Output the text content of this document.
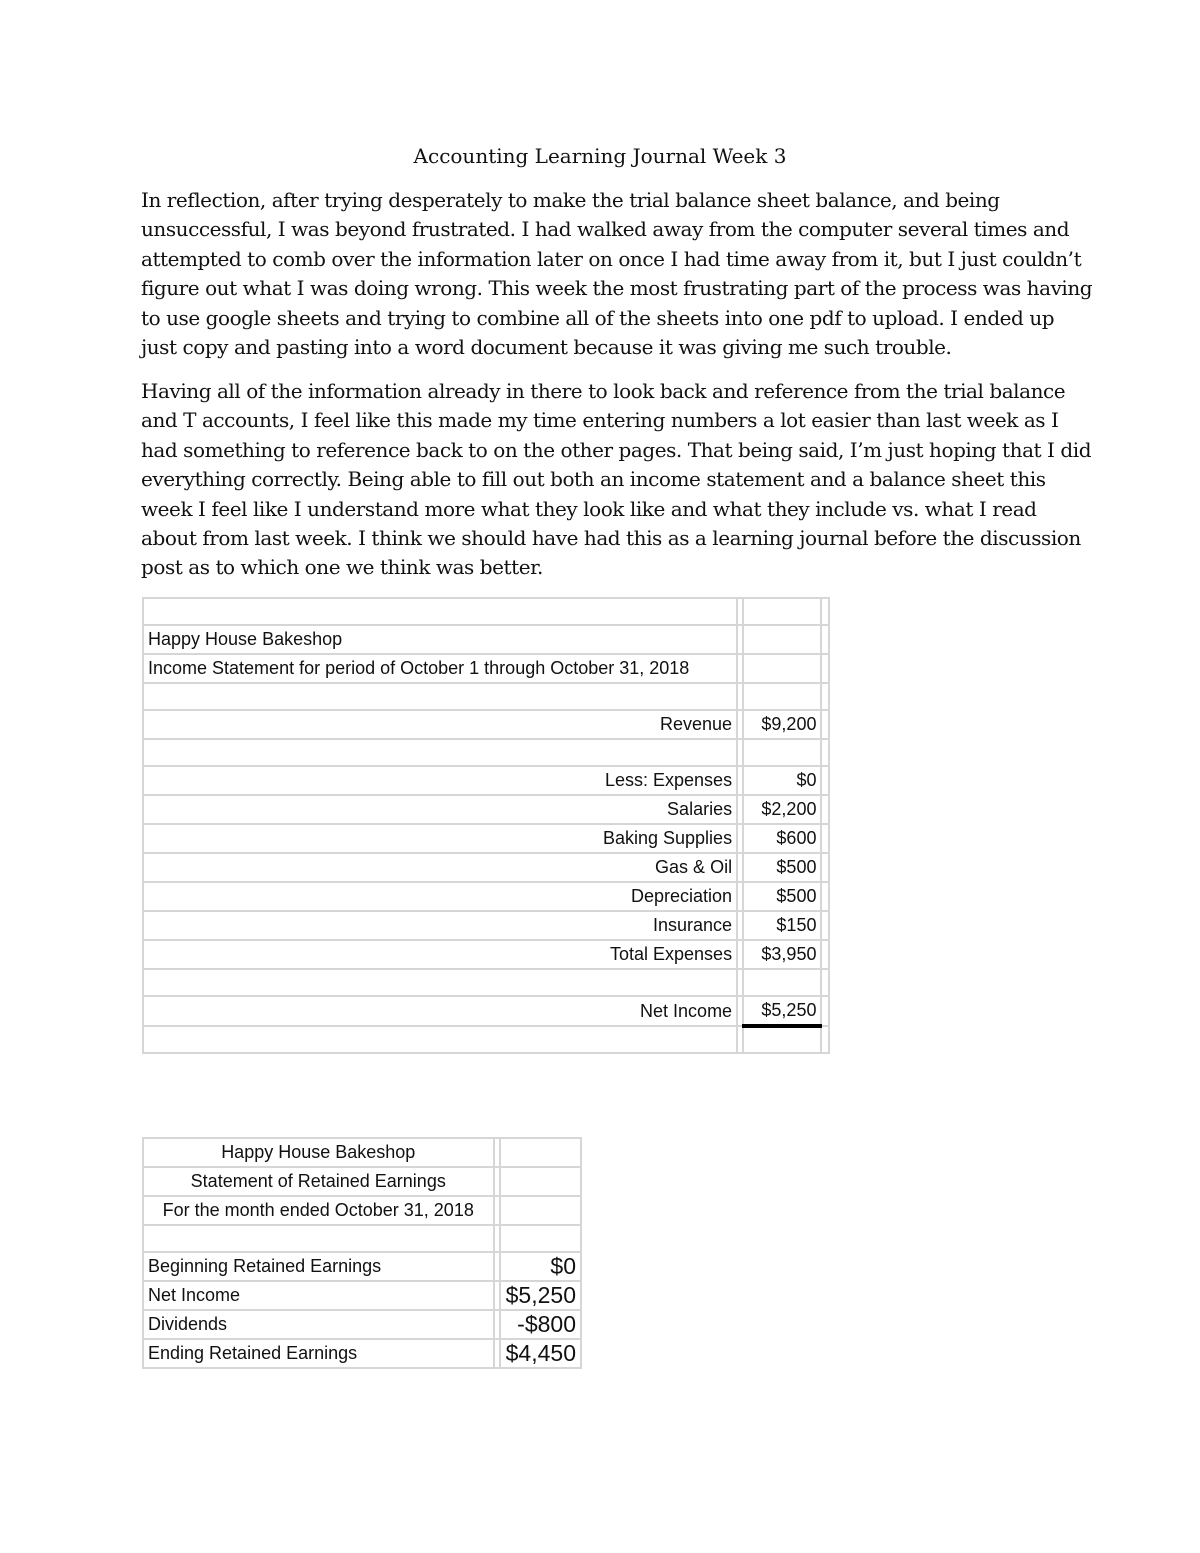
Accounting Learning Journal Week 3

In reflection, after trying desperately to make the trial balance sheet balance, and being
unsuccessful, I was beyond frustrated. I had walked away from the computer several times and
attempted to comb over the information later on once I had time away from it, but I just couldn’t
figure out what I was doing wrong. This week the most frustrating part of the process was having
to use google sheets and trying to combine all of the sheets into one pdf to upload. I ended up
just copy and pasting into a word document because it was giving me such trouble.

Having all of the information already in there to look back and reference from the trial balance
and T accounts, I feel like this made my time entering numbers a lot easier than last week as I
had something to reference back to on the other pages. That being said, I’m just hoping that I did
everything correctly. Being able to fill out both an income statement and a balance sheet this
week I feel like I understand more what they look like and what they include vs. what I read
about from last week. I think we should have had this as a learning journal before the discussion
post as to which one we think was better.

Happy House Bakeshop			
Income Statement for period of October 1 through October 31, 2018			

Revenue		$9,200	

Less: Expenses		$0	
Salaries		$2,200	
Baking Supplies		$600	
Gas & Oil		$500	
Depreciation		$500	
Insurance		$150	
Total Expenses		$3,950	

Net Income		$5,250	

Happy House Bakeshop		
Statement of Retained Earnings		
For the month ended October 31, 2018		

Beginning Retained Earnings		$0
Net Income		$5,250
Dividends		-$800
Ending Retained Earnings		$4,450
